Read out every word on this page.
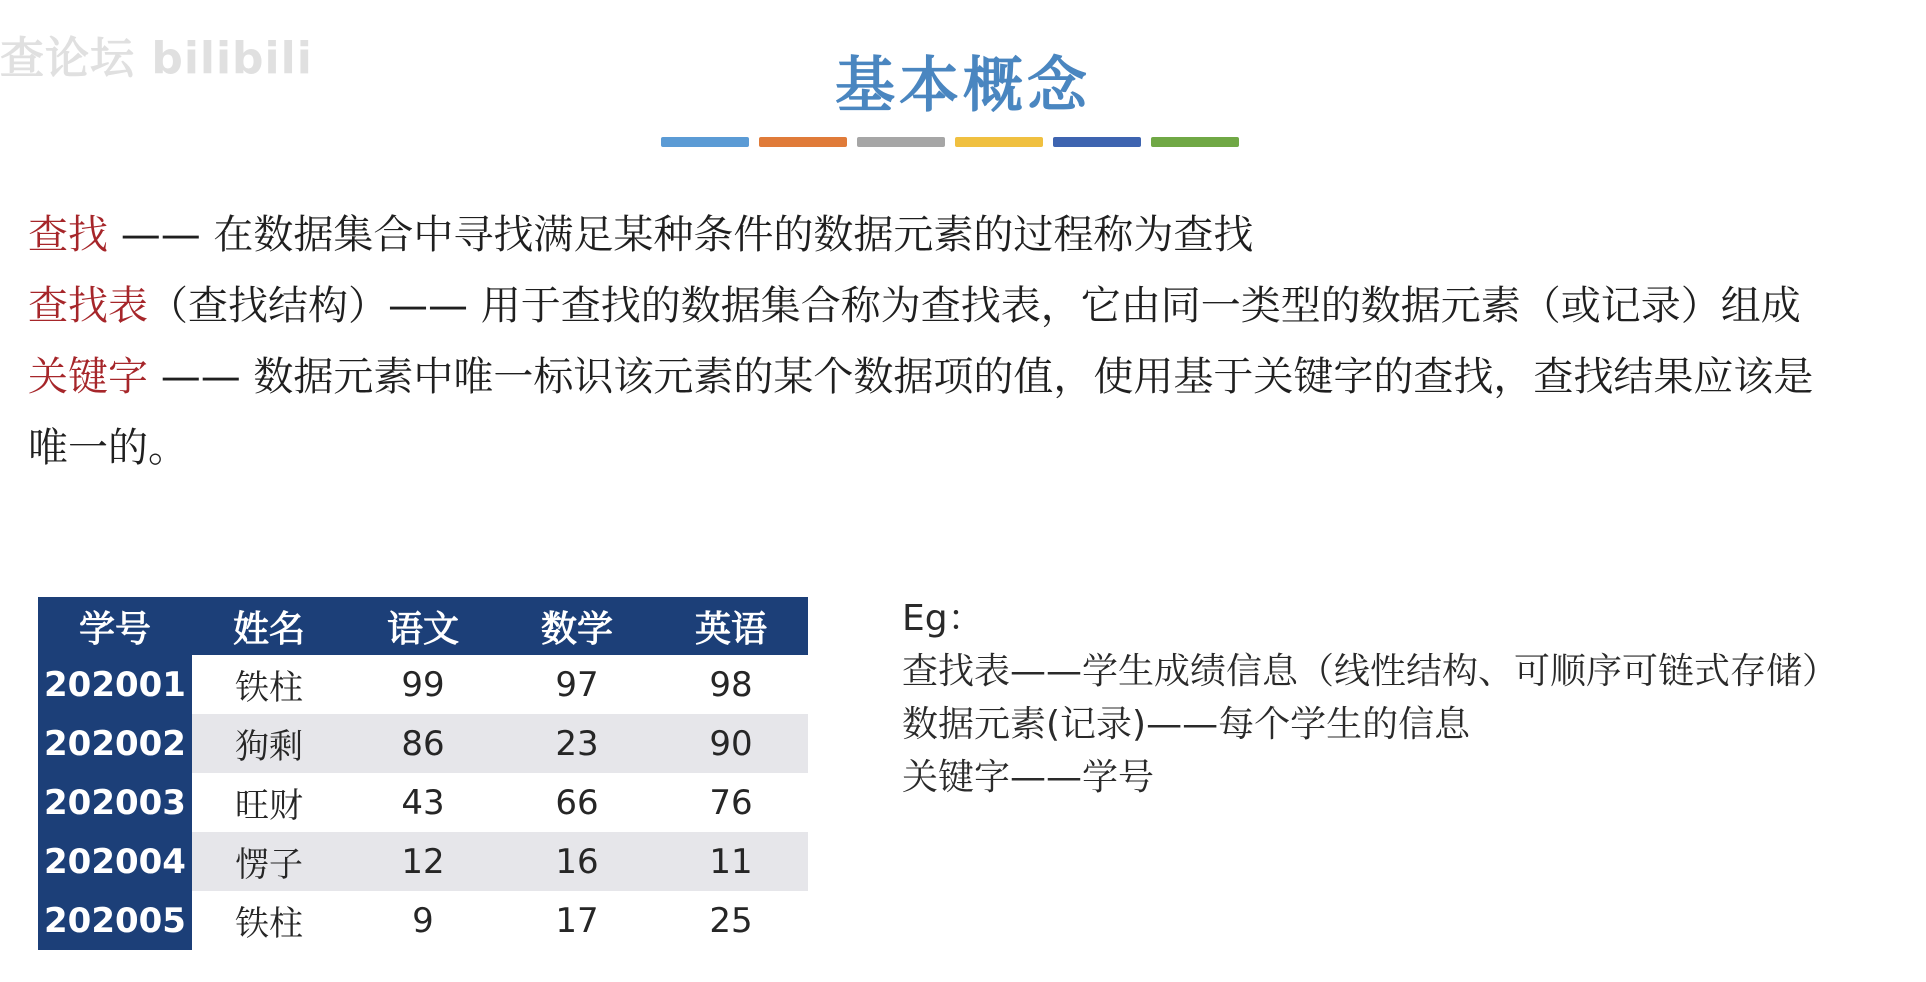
查论坛 bilibili	基本概念
查找 —— 在数据集合中寻找满足某种条件的数据元素的过程称为查找
查找表（查找结构）—— 用于查找的数据集合称为查找表，它由同一类型的数据元素（或记录）组成
关键字 —— 数据元素中唯一标识该元素的某个数据项的值，使用基于关键字的查找，查找结果应该是
唯一的。
学号	姓名	语文	数学	英语
202001	铁柱	99	97	98
202002	狗剩	86	23	90
202003	旺财	43	66	76
202004	愣子	12	16	11
202005	铁柱	9	17	25
Eg：
查找表——学生成绩信息（线性结构、可顺序可链式存储）
数据元素(记录)——每个学生的信息
关键字——学号
